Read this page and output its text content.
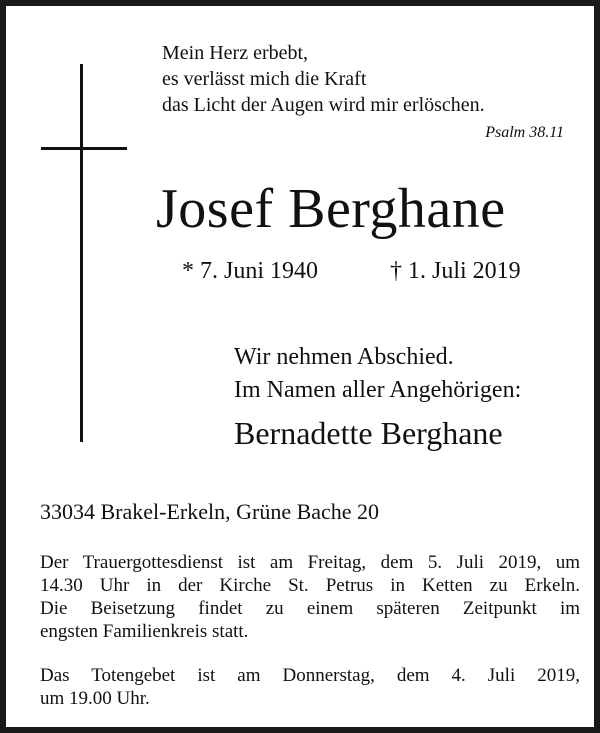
Mein Herz erbebt,
es verlässt mich die Kraft
das Licht der Augen wird mir erlöschen.
Psalm 38.11
Josef Berghane
* 7. Juni 1940	† 1. Juli 2019
Wir nehmen Abschied.
Im Namen aller Angehörigen:
Bernadette Berghane
33034 Brakel-Erkeln, Grüne Bache 20
Der Trauergottesdienst ist am Freitag, dem 5. Juli 2019, um
14.30 Uhr in der Kirche St. Petrus in Ketten zu Erkeln.
Die Beisetzung findet zu einem späteren Zeitpunkt im
engsten Familienkreis statt.
Das Totengebet ist am Donnerstag, dem 4. Juli 2019,
um 19.00 Uhr.
